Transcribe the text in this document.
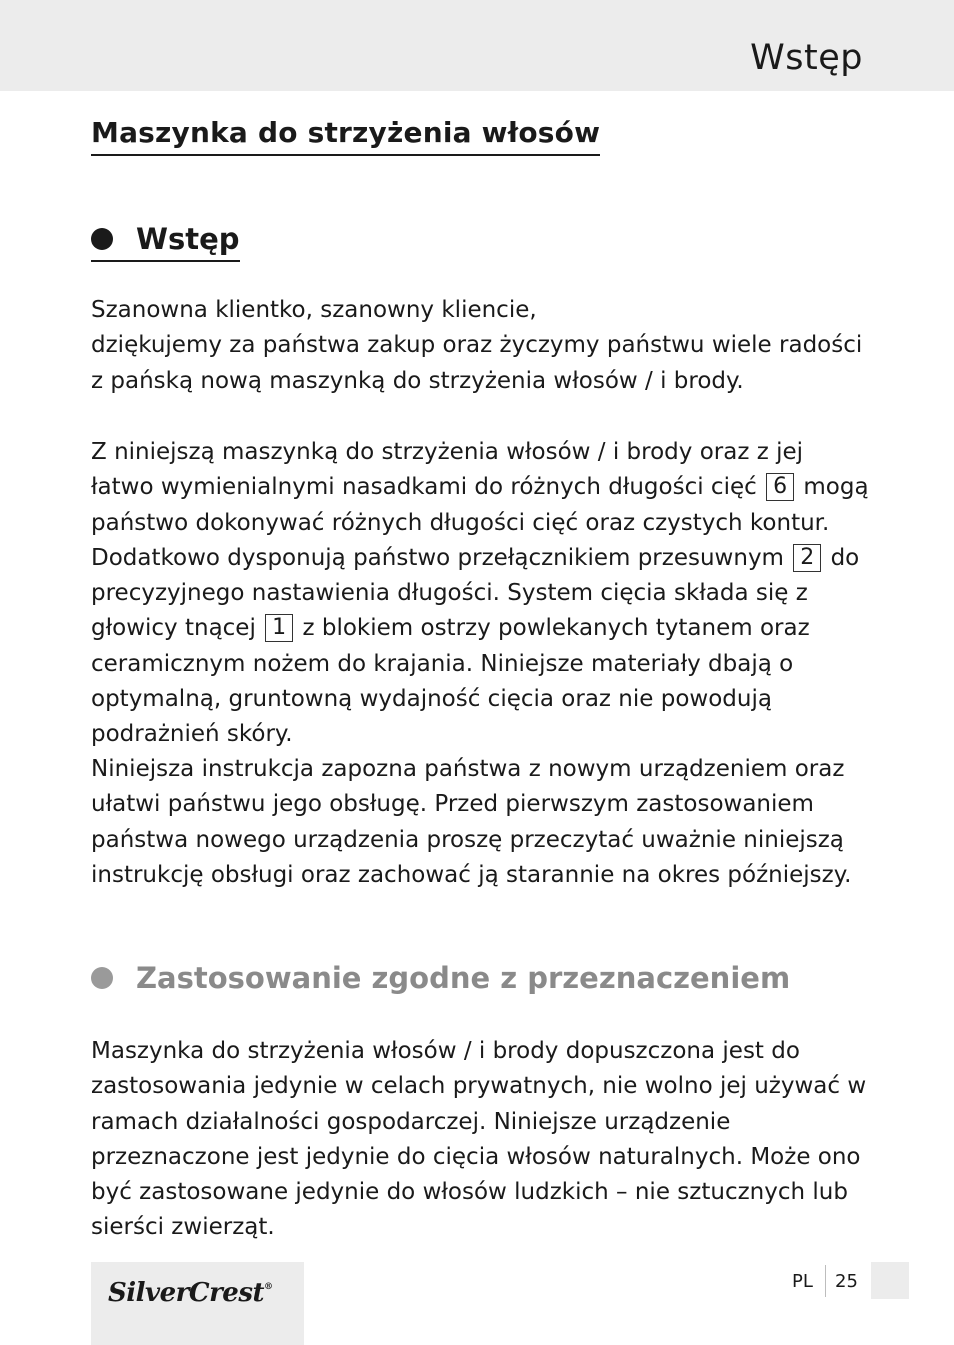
Wstęp
Maszynka do strzyżenia włosów
Wstęp

Szanowna klientko, szanowny kliencie,
dziękujemy za państwa zakup oraz życzymy państwu wiele radości
z pańską nową maszynką do strzyżenia włosów / i brody.

Z niniejszą maszynką do strzyżenia włosów / i brody oraz z jej łatwo wymienialnymi nasadkami do różnych długości cięć 6 mogą państwo dokonywać różnych długości cięć oraz czystych kontur. Dodatkowo dysponują państwo przełącznikiem przesuwnym 2 do precyzyjnego nastawienia długości. System cięcia składa się z głowicy tnącej 1 z blokiem ostrzy powlekanych tytanem oraz ceramicznym nożem do krajania. Niniejsze materiały dbają o optymalną, gruntowną wydajność cięcia oraz nie powodują podrażnień skóry.

Niniejsza instrukcja zapozna państwa z nowym urządzeniem oraz ułatwi państwu jego obsługę. Przed pierwszym zastosowaniem państwa nowego urządzenia proszę przeczytać uważnie niniejszą instrukcję obsługi oraz zachować ją starannie na okres późniejszy.

Zastosowanie zgodne z przeznaczeniem

Maszynka do strzyżenia włosów / i brody dopuszczona jest do zastosowania jedynie w celach prywatnych, nie wolno jej używać w ramach działalności gospodarczej. Niniejsze urządzenie przeznaczone jest jedynie do cięcia włosów naturalnych. Może ono być zastosowane jedynie do włosów ludzkich – nie sztucznych lub sierści zwierząt.

SilverCrest®	PL 25
